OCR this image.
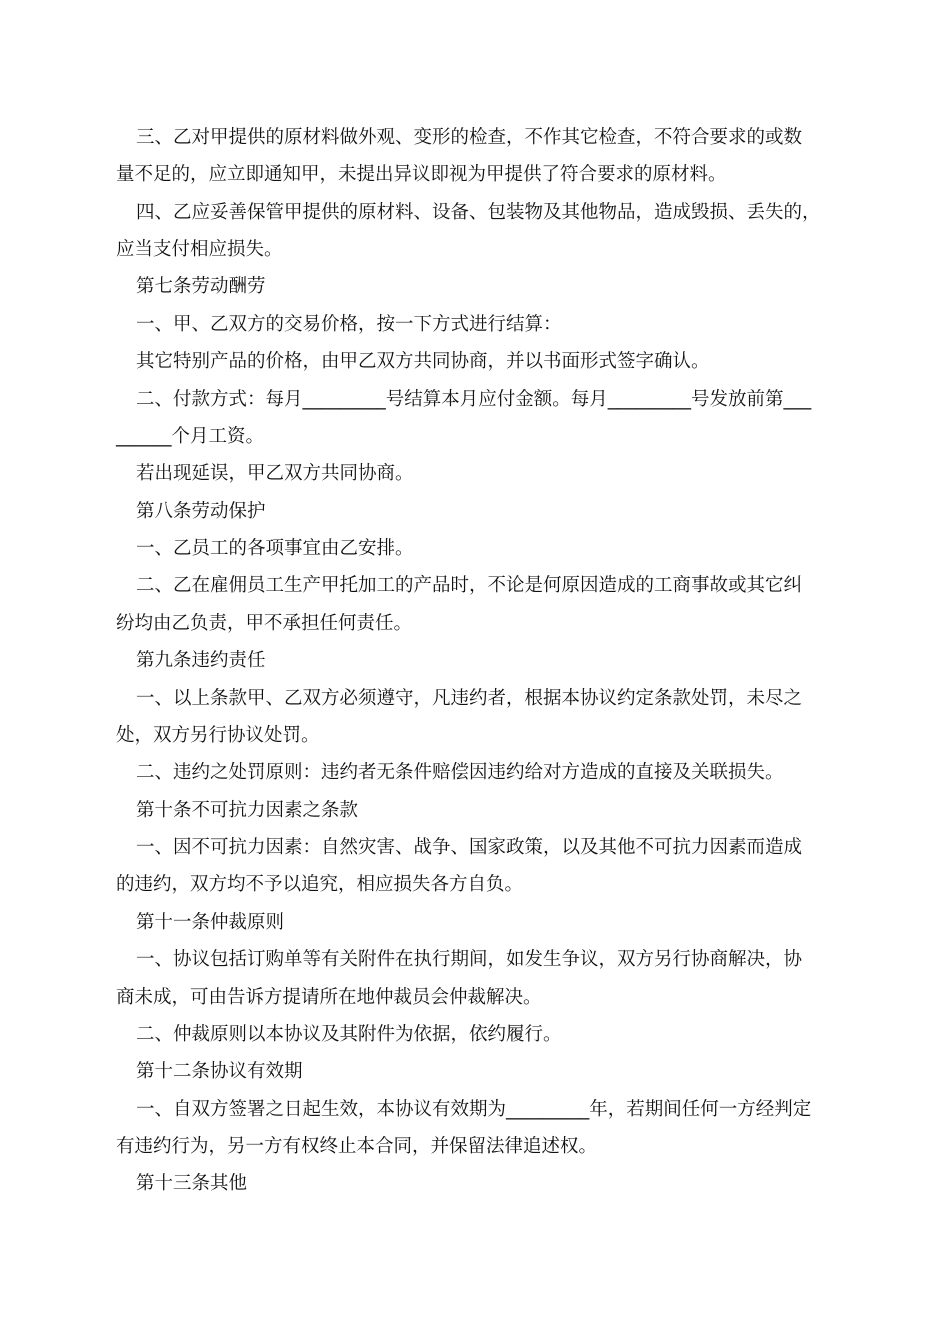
三、乙对甲提供的原材料做外观、变形的检查，不作其它检查，不符合要求的或数
量不足的，应立即通知甲，未提出异议即视为甲提供了符合要求的原材料。
四、乙应妥善保管甲提供的原材料、设备、包装物及其他物品，造成毁损、丢失的，
应当支付相应损失。
第七条劳动酬劳
一、甲、乙双方的交易价格，按一下方式进行结算：
其它特别产品的价格，由甲乙双方共同协商，并以书面形式签字确认。
二、付款方式：每月_________号结算本月应付金额。每月_________号发放前第___
______个月工资。
若出现延误，甲乙双方共同协商。
第八条劳动保护
一、乙员工的各项事宜由乙安排。
二、乙在雇佣员工生产甲托加工的产品时，不论是何原因造成的工商事故或其它纠
纷均由乙负责，甲不承担任何责任。
第九条违约责任
一、以上条款甲、乙双方必须遵守，凡违约者，根据本协议约定条款处罚，未尽之
处，双方另行协议处罚。
二、违约之处罚原则：违约者无条件赔偿因违约给对方造成的直接及关联损失。
第十条不可抗力因素之条款
一、因不可抗力因素：自然灾害、战争、国家政策，以及其他不可抗力因素而造成
的违约，双方均不予以追究，相应损失各方自负。
第十一条仲裁原则
一、协议包括订购单等有关附件在执行期间，如发生争议，双方另行协商解决，协
商未成，可由告诉方提请所在地仲裁员会仲裁解决。
二、仲裁原则以本协议及其附件为依据，依约履行。
第十二条协议有效期
一、自双方签署之日起生效，本协议有效期为_________年，若期间任何一方经判定
有违约行为，另一方有权终止本合同，并保留法律追述权。
第十三条其他
